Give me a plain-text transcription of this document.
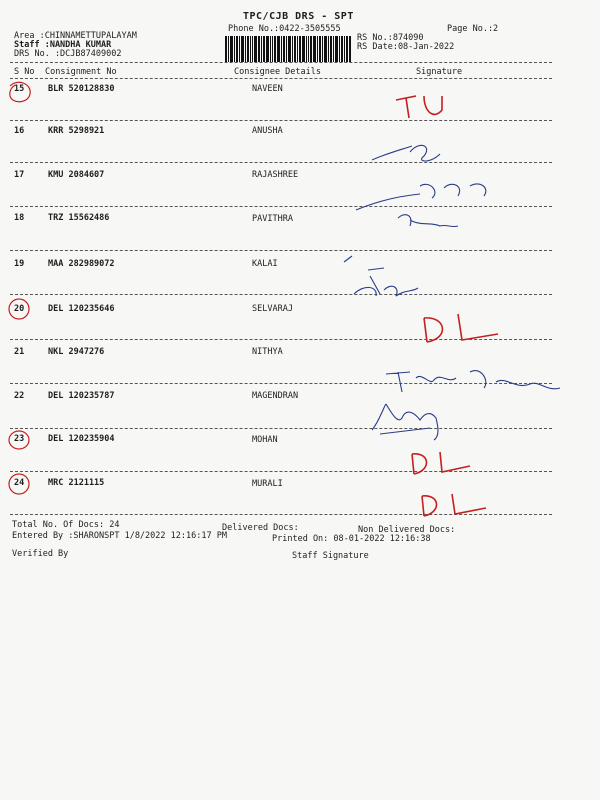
TPC/CJB DRS - SPT
Phone No.:0422-3505555	Page No.:2
Area :CHINNAMETTUPALAYAM
Staff :NANDHA KUMAR
DRS No. :DCJB87409002
RS No.:874090
RS Date:08-Jan-2022
S No Consignment No	Consignee Details	Signature
15	BLR 520128830	NAVEEN
16	KRR 5298921	ANUSHA
17	KMU 2084607	RAJASHREE
18	TRZ 15562486	PAVITHRA
19	MAA 282989072	KALAI
20	DEL 120235646	SELVARAJ
21	NKL 2947276	NITHYA
22	DEL 120235787	MAGENDRAN
23	DEL 120235904	MOHAN
24	MRC 2121115	MURALI
Total No. Of Docs: 24	Delivered Docs:	Non Delivered Docs:
Entered By :SHARONSPT 1/8/2022 12:16:17 PM	Printed On: 08-01-2022 12:16:38
Verified By	Staff Signature
